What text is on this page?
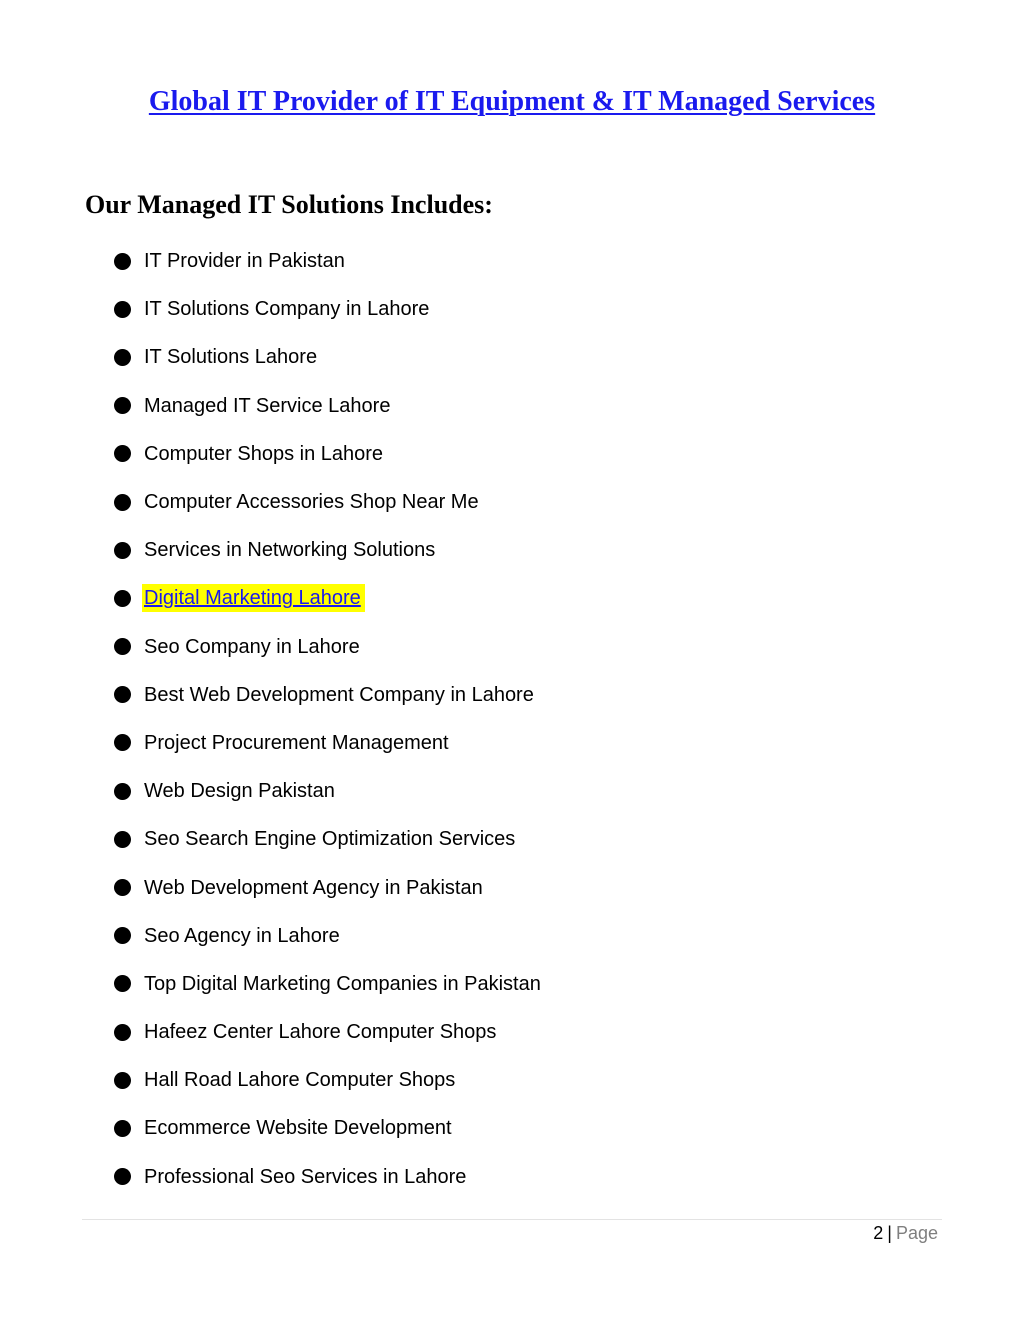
Global IT Provider of IT Equipment & IT Managed Services
Our Managed IT Solutions Includes:
IT Provider in Pakistan
IT Solutions Company in Lahore
IT Solutions Lahore
Managed IT Service Lahore
Computer Shops in Lahore
Computer Accessories Shop Near Me
Services in Networking Solutions
Digital Marketing Lahore
Seo Company in Lahore
Best Web Development Company in Lahore
Project Procurement Management
Web Design Pakistan
Seo Search Engine Optimization Services
Web Development Agency in Pakistan
Seo Agency in Lahore
Top Digital Marketing Companies in Pakistan
Hafeez Center Lahore Computer Shops
Hall Road Lahore Computer Shops
Ecommerce Website Development
Professional Seo Services in Lahore
2 | Page
